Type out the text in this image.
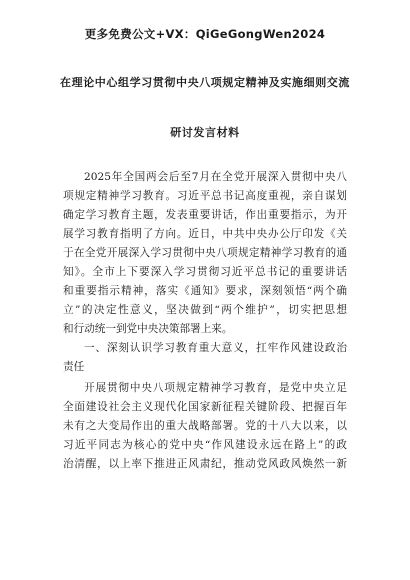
更多免费公文+VX：QiGeGongWen2024
在理论中心组学习贯彻中央八项规定精神及实施细则交流
研讨发言材料
2025年全国两会后至7月在全党开展深入贯彻中央八
项规定精神学习教育。习近平总书记高度重视，亲自谋划
确定学习教育主题，发表重要讲话，作出重要指示，为开
展学习教育指明了方向。近日，中共中央办公厅印发《关
于在全党开展深入学习贯彻中央八项规定精神学习教育的通
知》。全市上下要深入学习贯彻习近平总书记的重要讲话
和重要指示精神，落实《通知》要求，深刻领悟“两个确
立”的决定性意义，坚决做到“两个维护”，切实把思想
和行动统一到党中央决策部署上来。
一、深刻认识学习教育重大意义，扛牢作风建设政治
责任
开展贯彻中央八项规定精神学习教育，是党中央立足
全面建设社会主义现代化国家新征程关键阶段、把握百年
未有之大变局作出的重大战略部署。党的十八大以来，以
习近平同志为核心的党中央“作风建设永远在路上”的政
治清醒，以上率下推进正风肃纪，推动党风政风焕然一新
